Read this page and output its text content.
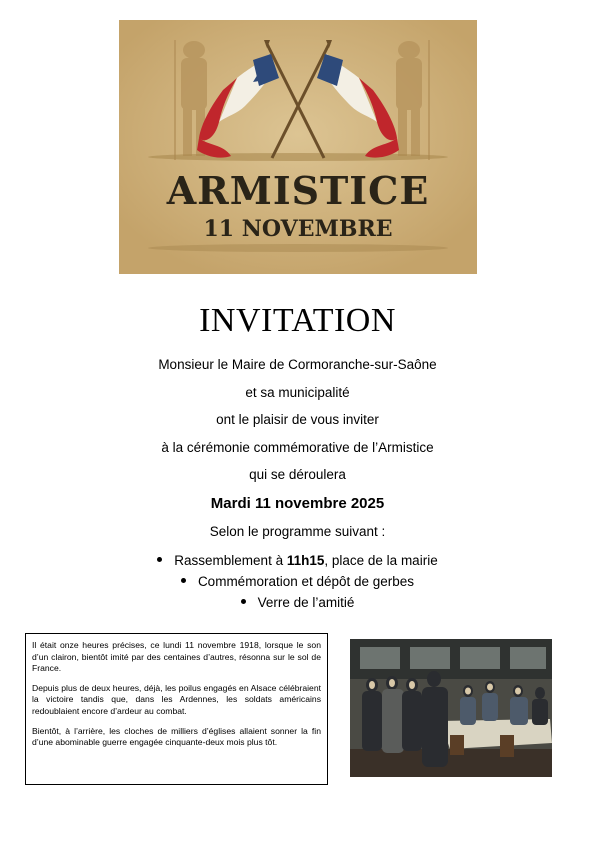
ARMISTICE
11 NOVEMBRE
INVITATION
Monsieur le Maire de Cormoranche-sur-Saône
et sa municipalité
ont le plaisir de vous inviter
à la cérémonie commémorative de l’Armistice
qui se déroulera
Mardi 11 novembre 2025
Selon le programme suivant :
Rassemblement à 11h15, place de la mairie
Commémoration et dépôt de gerbes
Verre de l’amitié

Il était onze heures précises, ce lundi 11 novembre 1918, lorsque le son d’un clairon, bientôt imité par des centaines d’autres, résonna sur le sol de France.

Depuis plus de deux heures, déjà, les poilus engagés en Alsace célébraient la victoire tandis que, dans les Ardennes, les soldats américains redoublaient encore d’ardeur au combat.

Bientôt, à l’arrière, les cloches de milliers d’églises allaient sonner la fin d’une abominable guerre engagée cinquante-deux mois plus tôt.
